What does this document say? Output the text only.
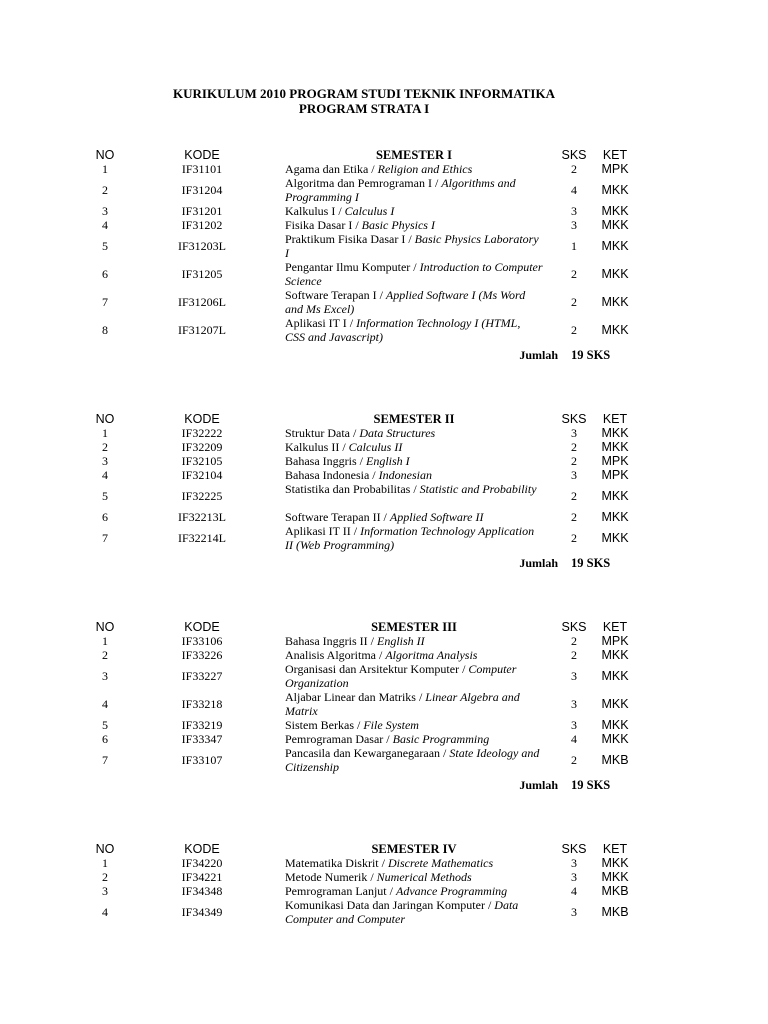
KURIKULUM 2010 PROGRAM STUDI TEKNIK INFORMATIKA
PROGRAM STRATA I
NO	KODE	SEMESTER I	SKS	KET
1	IF31101	Agama dan Etika / Religion and Ethics	2	MPK
2	IF31204	Algoritma dan Pemrograman I / Algorithms and Programming I	4	MKK
3	IF31201	Kalkulus I / Calculus I	3	MKK
4	IF31202	Fisika Dasar I / Basic Physics I	3	MKK
5	IF31203L	Praktikum Fisika Dasar I / Basic Physics Laboratory I	1	MKK
6	IF31205	Pengantar Ilmu Komputer / Introduction to Computer Science	2	MKK
7	IF31206L	Software Terapan I / Applied Software I (Ms Word and Ms Excel)	2	MKK
8	IF31207L	Aplikasi IT I / Information Technology I (HTML, CSS and Javascript)	2	MKK
Jumlah 19 SKS
NO	KODE	SEMESTER II	SKS	KET
1	IF32222	Struktur Data / Data Structures	3	MKK
2	IF32209	Kalkulus II / Calculus II	2	MKK
3	IF32105	Bahasa Inggris / English I	2	MPK
4	IF32104	Bahasa Indonesia / Indonesian	3	MPK
5	IF32225	Statistika dan Probabilitas / Statistic and Probability	2	MKK
6	IF32213L	Software Terapan II / Applied Software II	2	MKK
7	IF32214L	Aplikasi IT II / Information Technology Application II (Web Programming)	2	MKK
Jumlah 19 SKS
NO	KODE	SEMESTER III	SKS	KET
1	IF33106	Bahasa Inggris II / English II	2	MPK
2	IF33226	Analisis Algoritma / Algoritma Analysis	2	MKK
3	IF33227	Organisasi dan Arsitektur Komputer / Computer Organization	3	MKK
4	IF33218	Aljabar Linear dan Matriks / Linear Algebra and Matrix	3	MKK
5	IF33219	Sistem Berkas / File System	3	MKK
6	IF33347	Pemrograman Dasar / Basic Programming	4	MKK
7	IF33107	Pancasila dan Kewarganegaraan / State Ideology and Citizenship	2	MKB
Jumlah 19 SKS
NO	KODE	SEMESTER IV	SKS	KET
1	IF34220	Matematika Diskrit / Discrete Mathematics	3	MKK
2	IF34221	Metode Numerik / Numerical Methods	3	MKK
3	IF34348	Pemrograman Lanjut / Advance Programming	4	MKB
4	IF34349	Komunikasi Data dan Jaringan Komputer / Data Computer and Computer	3	MKB
